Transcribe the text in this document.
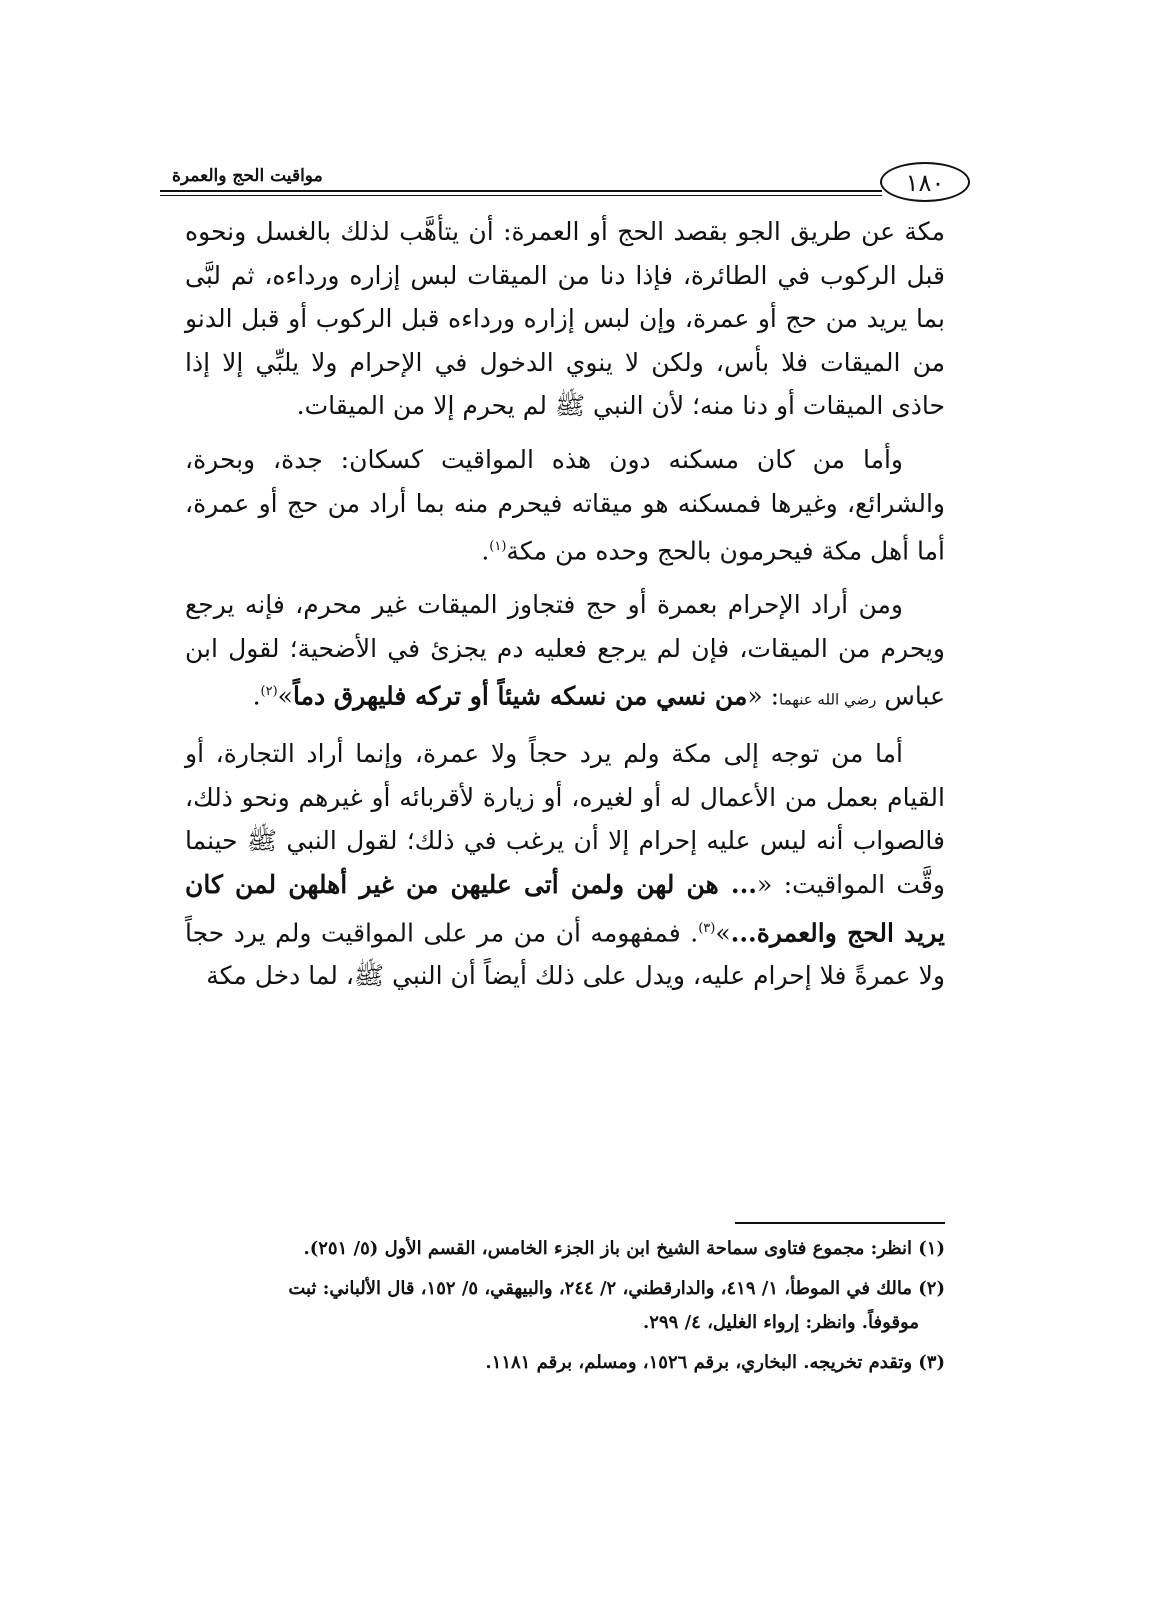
١٨٠
مواقيت الحج والعمرة

مكة عن طريق الجو بقصد الحج أو العمرة: أن يتأهَّب لذلك بالغسل ونحوه قبل الركوب في الطائرة، فإذا دنا من الميقات لبس إزاره ورداءه، ثم لبَّى بما يريد من حج أو عمرة، وإن لبس إزاره ورداءه قبل الركوب أو قبل الدنو من الميقات فلا بأس، ولكن لا ينوي الدخول في الإحرام ولا يلبِّي إلا إذا حاذى الميقات أو دنا منه؛ لأن النبي ﷺ لم يحرم إلا من الميقات.

وأما من كان مسكنه دون هذه المواقيت كسكان: جدة، وبحرة، والشرائع، وغيرها فمسكنه هو ميقاته فيحرم منه بما أراد من حج أو عمرة، أما أهل مكة فيحرمون بالحج وحده من مكة$^{(١)}$.

ومن أراد الإحرام بعمرة أو حج فتجاوز الميقات غير محرم، فإنه يرجع ويحرم من الميقات، فإن لم يرجع فعليه دم يجزئ في الأضحية؛ لقول ابن عباس رضي الله عنهما: «من نسي من نسكه شيئاً أو تركه فليهرق دماً»$^{(٢)}$.

أما من توجه إلى مكة ولم يرد حجاً ولا عمرة، وإنما أراد التجارة، أو القيام بعمل من الأعمال له أو لغيره، أو زيارة لأقربائه أو غيرهم ونحو ذلك، فالصواب أنه ليس عليه إحرام إلا أن يرغب في ذلك؛ لقول النبي ﷺ حينما وقَّت المواقيت: «... هن لهن ولمن أتى عليهن من غير أهلهن لمن كان يريد الحج والعمرة...»$^{(٣)}$. فمفهومه أن من مر على المواقيت ولم يرد حجاً ولا عمرةً فلا إحرام عليه، ويدل على ذلك أيضاً أن النبي ﷺ، لما دخل مكة

(١) انظر: مجموع فتاوى سماحة الشيخ ابن باز الجزء الخامس، القسم الأول (٥/ ٢٥١).

(٢) مالك في الموطأ، ١/ ٤١٩، والدارقطني، ٢/ ٢٤٤، والبيهقي، ٥/ ١٥٢، قال الألباني: ثبت
موقوفاً. وانظر: إرواء الغليل، ٤/ ٢٩٩.

(٣) وتقدم تخريجه. البخاري، برقم ١٥٢٦، ومسلم، برقم ١١٨١.
